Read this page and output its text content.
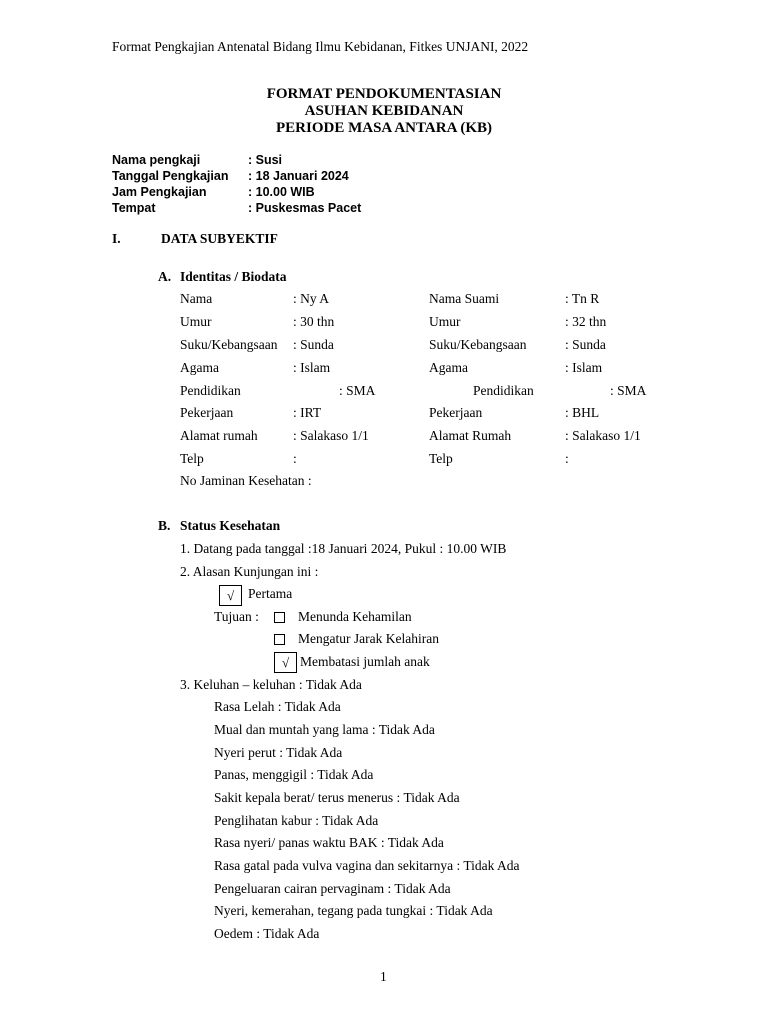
Format Pengkajian Antenatal Bidang Ilmu Kebidanan, Fitkes UNJANI, 2022
FORMAT PENDOKUMENTASIAN
ASUHAN KEBIDANAN
PERIODE MASA ANTARA (KB)
Nama pengkaji	: Susi
Tanggal Pengkajian : 18 Januari 2024
Jam Pengkajian	: 10.00 WIB
Tempat	: Puskesmas Pacet
I.	DATA SUBYEKTIF
A. Identitas / Biodata
Nama	: Ny A	Nama Suami	: Tn R
Umur	: 30 thn	Umur	: 32 thn
Suku/Kebangsaan : Sunda	Suku/Kebangsaan	: Sunda
Agama	: Islam	Agama	: Islam
Pendidikan	: SMA	Pendidikan	: SMA
Pekerjaan	: IRT	Pekerjaan	: BHL
Alamat rumah	: Salakaso 1/1	Alamat Rumah	: Salakaso 1/1
Telp	:	Telp	:
No Jaminan Kesehatan :
B. Status Kesehatan
1. Datang pada tanggal :18 Januari 2024, Pukul : 10.00 WIB
2. Alasan Kunjungan ini :
√ Pertama
Tujuan :	Menunda Kehamilan
Mengatur Jarak Kelahiran
√ Membatasi jumlah anak
3. Keluhan – keluhan : Tidak Ada
Rasa Lelah : Tidak Ada
Mual dan muntah yang lama : Tidak Ada
Nyeri perut : Tidak Ada
Panas, menggigil : Tidak Ada
Sakit kepala berat/ terus menerus : Tidak Ada
Penglihatan kabur : Tidak Ada
Rasa nyeri/ panas waktu BAK : Tidak Ada
Rasa gatal pada vulva vagina dan sekitarnya : Tidak Ada
Pengeluaran cairan pervaginam : Tidak Ada
Nyeri, kemerahan, tegang pada tungkai : Tidak Ada
Oedem : Tidak Ada
1
